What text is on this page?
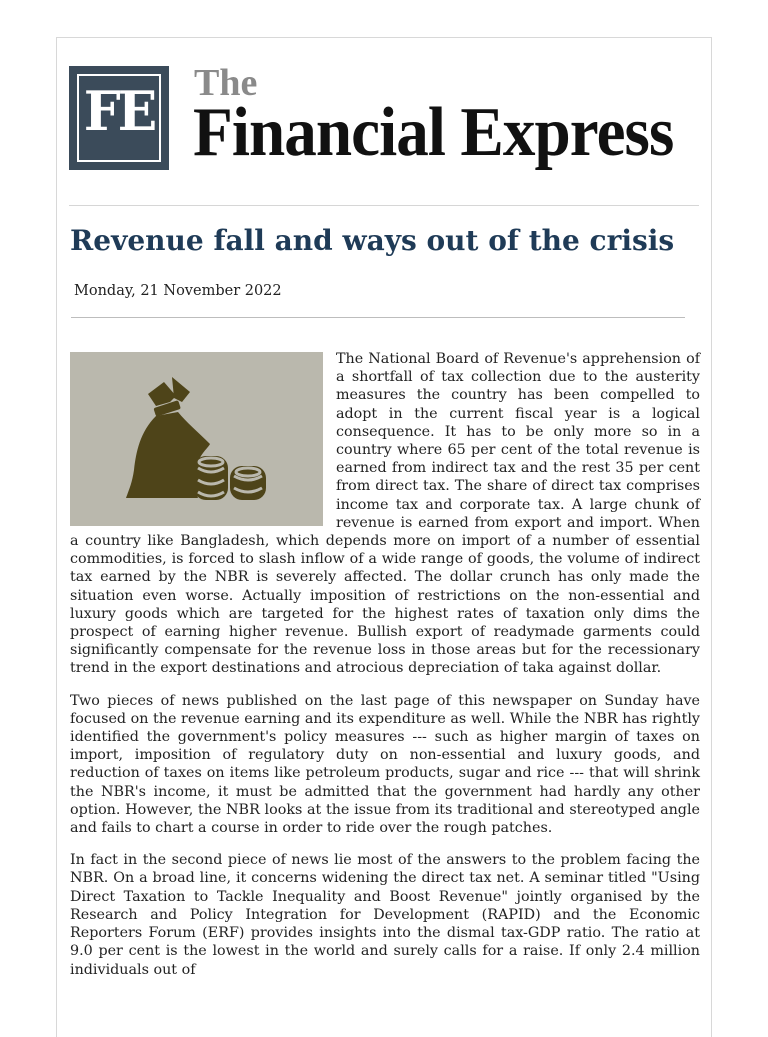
FE	The
Financial Express
Revenue fall and ways out of the crisis
Monday, 21 November 2022

The National Board of Revenue's apprehension of a shortfall of tax collection due to the austerity measures the country has been compelled to adopt in the current fiscal year is a logical consequence. It has to be only more so in a country where 65 per cent of the total revenue is earned from indirect tax and the rest 35 per cent from direct tax. The share of direct tax comprises income tax and corporate tax. A large chunk of revenue is earned from export and import. When a country like Bangladesh, which depends more on import of a number of essential commodities, is forced to slash inflow of a wide range of goods, the volume of indirect tax earned by the NBR is severely affected. The dollar crunch has only made the situation even worse. Actually imposition of restrictions on the non-essential and luxury goods which are targeted for the highest rates of taxation only dims the prospect of earning higher revenue. Bullish export of readymade garments could significantly compensate for the revenue loss in those areas but for the recessionary trend in the export destinations and atrocious depreciation of taka against dollar.

Two pieces of news published on the last page of this newspaper on Sunday have focused on the revenue earning and its expenditure as well. While the NBR has rightly identified the government's policy measures --- such as higher margin of taxes on import, imposition of regulatory duty on non-essential and luxury goods, and reduction of taxes on items like petroleum products, sugar and rice --- that will shrink the NBR's income, it must be admitted that the government had hardly any other option. However, the NBR looks at the issue from its traditional and stereotyped angle and fails to chart a course in order to ride over the rough patches.

In fact in the second piece of news lie most of the answers to the problem facing the NBR. On a broad line, it concerns widening the direct tax net. A seminar titled "Using Direct Taxation to Tackle Inequality and Boost Revenue" jointly organised by the Research and Policy Integration for Development (RAPID) and the Economic Reporters Forum (ERF) provides insights into the dismal tax-GDP ratio. The ratio at 9.0 per cent is the lowest in the world and surely calls for a raise. If only 2.4 million individuals out of
